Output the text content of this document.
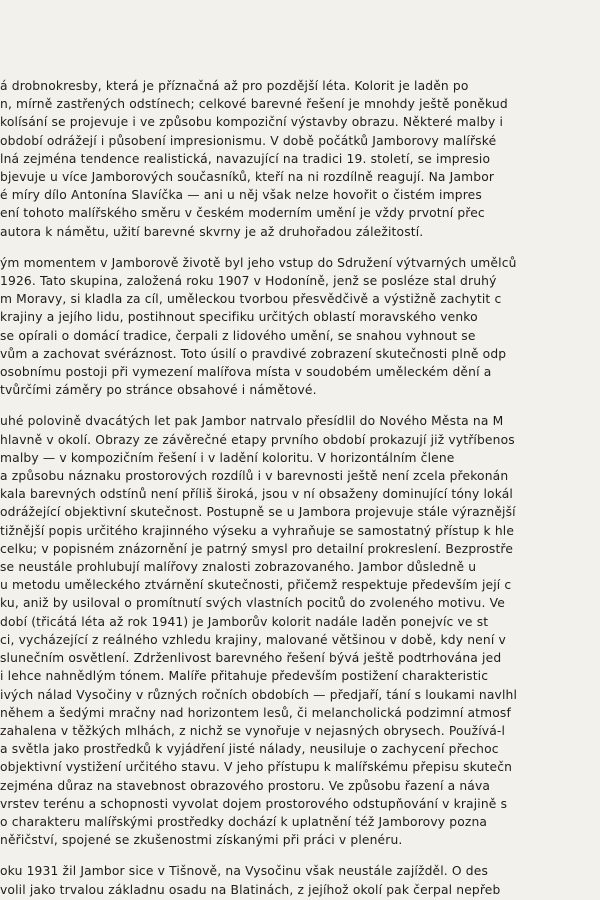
á drobnokresby, která je příznačná až pro pozdější léta. Kolorit je laděn po
n, mírně zastřených odstínech; celkové barevné řešení je mnohdy ještě poněkud
kolísání se projevuje i ve způsobu kompoziční výstavby obrazu. Některé malby i
období odrážejí i působení impresionismu. V době počátků Jamborovy malířské
lná zejména tendence realistická, navazující na tradici 19. století, se impresio
bjevuje u více Jamborových současníků, kteří na ni rozdílně reagují. Na Jambor
é míry dílo Antonína Slavíčka — ani u něj však nelze hovořit o čistém impres
ení tohoto malířského směru v českém moderním umění je vždy prvotní přec
autora k námětu, užití barevné skvrny je až druhořadou záležitostí.
ým momentem v Jamborově životě byl jeho vstup do Sdružení výtvarných umělců
1926. Tato skupina, založená roku 1907 v Hodoníně, jenž se posléze stal druhý
m Moravy, si kladla za cíl, uměleckou tvorbou přesvědčivě a výstižně zachytit c
krajiny a jejího lidu, postihnout specifiku určitých oblastí moravského venko
se opírali o domácí tradice, čerpali z lidového umění, se snahou vyhnout se
vům a zachovat svéráznost. Toto úsilí o pravdivé zobrazení skutečnosti plně odp
osobnímu postoji při vymezení malířova místa v soudobém uměleckém dění a
tvůrčími záměry po stránce obsahové i námětové.
uhé polovině dvacátých let pak Jambor natrvalo přesídlil do Nového Města na M
hlavně v okolí. Obrazy ze závěrečné etapy prvního období prokazují již vytříbenos
malby — v kompozičním řešení i v ladění koloritu. V horizontálním člene
a způsobu náznaku prostorových rozdílů i v barevnosti ještě není zcela překonán
kala barevných odstínů není příliš široká, jsou v ní obsaženy dominující tóny lokál
odrážející objektivní skutečnost. Postupně se u Jambora projevuje stále výraznější
tižnější popis určitého krajinného výseku a vyhraňuje se samostatný přístup k hle
celku; v popisném znázornění je patrný smysl pro detailní prokreslení. Bezprostře
se neustále prohlubují malířovy znalosti zobrazovaného. Jambor důsledně u
u metodu uměleckého ztvárnění skutečnosti, přičemž respektuje především její c
ku, aniž by usiloval o promítnutí svých vlastních pocitů do zvoleného motivu. Ve
dobí (třicátá léta až rok 1941) je Jamborův kolorit nadále laděn ponejvíc ve st
ci, vycházející z reálného vzhledu krajiny, malované většinou v době, kdy není v
slunečním osvětlení. Zdrženlivost barevného řešení bývá ještě podtrhována jed
i lehce nahnědlým tónem. Malíře přitahuje především postižení charakteristic
ivých nálad Vysočiny v různých ročních obdobích — předjaří, tání s loukami navlhl
něhem a šedými mračny nad horizontem lesů, či melancholická podzimní atmosf
zahalena v těžkých mlhách, z nichž se vynořuje v nejasných obrysech. Používá-l
a světla jako prostředků k vyjádření jisté nálady, neusiluje o zachycení přechoc
objektivní vystižení určitého stavu. V jeho přístupu k malířskému přepisu skutečn
zejména důraz na stavebnost obrazového prostoru. Ve způsobu řazení a náva
vrstev terénu a schopnosti vyvolat dojem prostorového odstupňování v krajině s
o charakteru malířskými prostředky dochází k uplatnění též Jamborovy pozna
něřičství, spojené se zkušenostmi získanými při práci v plenéru.
oku 1931 žil Jambor sice v Tišnově, na Vysočinu však neustále zajížděl. O des
volil jako trvalou základnu osadu na Blatinách, z jejíhož okolí pak čerpal nepřeb
